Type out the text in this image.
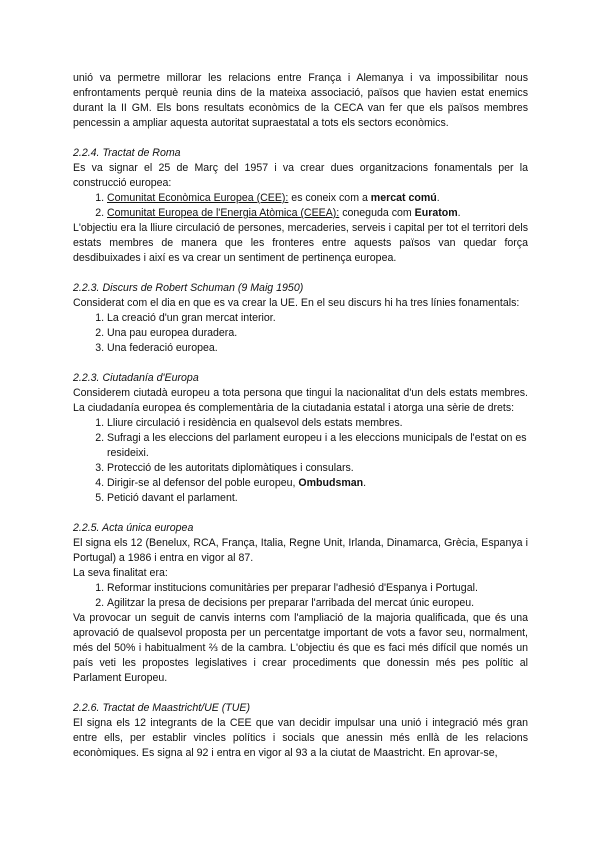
unió va permetre millorar les relacions entre França i Alemanya i va impossibilitar nous enfrontaments perquè reunia dins de la mateixa associació, països que havien estat enemics durant la II GM. Els bons resultats econòmics de la CECA van fer que els països membres pencessin a ampliar aquesta autoritat supraestatal a tots els sectors econòmics.

2.2.4. Tractat de Roma

Es va signar el 25 de Març del 1957 i va crear dues organitzacions fonamentals per la construcció europea:

1. Comunitat Econòmica Europea (CEE): es coneix com a mercat comú.
2. Comunitat Europea de l'Energia Atòmica (CEEA): coneguda com Euratom.

L'objectiu era la lliure circulació de persones, mercaderies, serveis i capital per tot el territori dels estats membres de manera que les fronteres entre aquests països van quedar força desdibuixades i així es va crear un sentiment de pertinença europea.

2.2.3. Discurs de Robert Schuman (9 Maig 1950)

Considerat com el dia en que es va crear la UE. En el seu discurs hi ha tres línies fonamentals:

1. La creació d'un gran mercat interior.
2. Una pau europea duradera.
3. Una federació europea.
2.2.3. Ciutadanía d'Europa

Considerem ciutadà europeu a tota persona que tingui la nacionalitat d'un dels estats membres. La ciudadanía europea és complementària de la ciutadania estatal i atorga una sèrie de drets:

1. Lliure circulació i residència en qualsevol dels estats membres.
2. Sufragi a les eleccions del parlament europeu i a les eleccions municipals de l'estat on es resideixi.
3. Protecció de les autoritats diplomàtiques i consulars.
4. Dirigir-se al defensor del poble europeu, Ombudsman.
5. Petició davant el parlament.
2.2.5. Acta única europea

El signa els 12 (Benelux, RCA, França, Italia, Regne Unit, Irlanda, Dinamarca, Grècia, Espanya i Portugal) a 1986 i entra en vigor al 87.

La seva finalitat era:

1. Reformar institucions comunitàries per preparar l'adhesió d'Espanya i Portugal.
2. Agilitzar la presa de decisions per preparar l'arribada del mercat únic europeu.

Va provocar un seguit de canvis interns com l'ampliació de la majoria qualificada, que és una aprovació de qualsevol proposta per un percentatge important de vots a favor seu, normalment, més del 50% i habitualment ⅔ de la cambra. L'objectiu és que es faci més difícil que només un país veti les propostes legislatives i crear procediments que donessin més pes polític al Parlament Europeu.

2.2.6. Tractat de Maastricht/UE (TUE)

El signa els 12 integrants de la CEE que van decidir impulsar una unió i integració més gran entre ells, per establir vincles polítics i socials que anessin més enllà de les relacions econòmiques. Es signa al 92 i entra en vigor al 93 a la ciutat de Maastricht. En aprovar-se,
